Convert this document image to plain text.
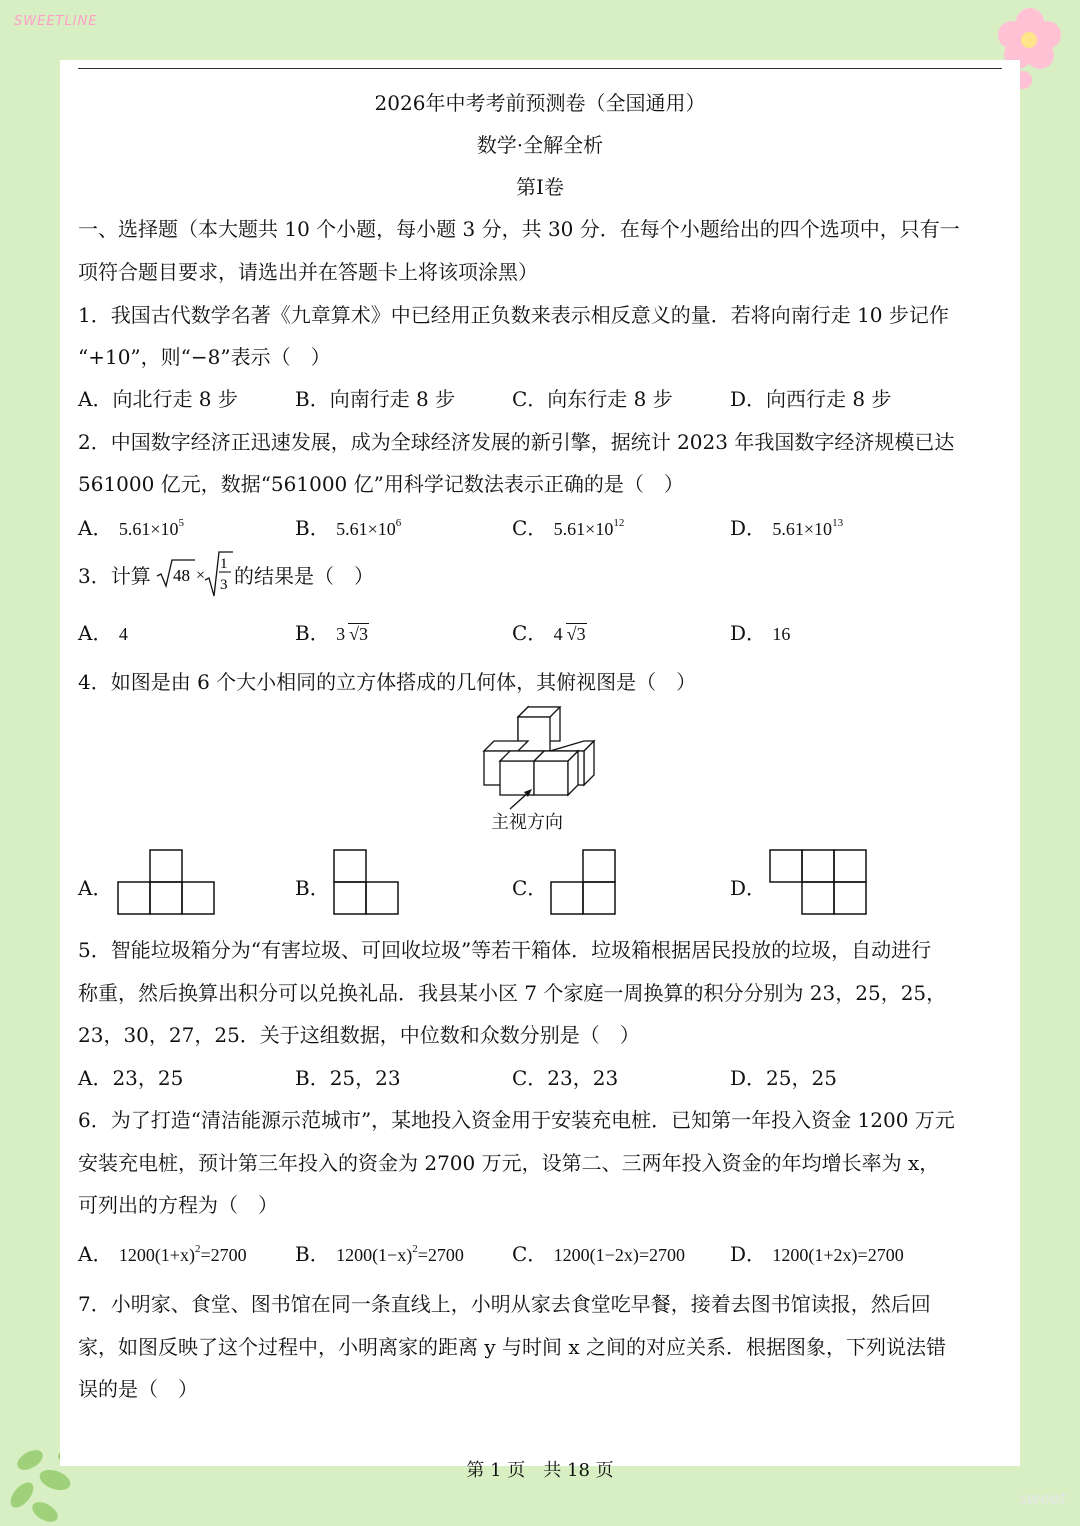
SWEETLINE
sweet
2026年中考考前预测卷（全国通用）
数学·全解全析
第Ⅰ卷
一、选择题（本大题共 10 个小题，每小题 3 分，共 30 分．在每个小题给出的四个选项中，只有一
项符合题目要求，请选出并在答题卡上将该项涂黑）
1．我国古代数学名著《九章算术》中已经用正负数来表示相反意义的量．若将向南行走 10 步记作
“+10”，则“−8”表示（　）
A．向北行走 8 步	B．向南行走 8 步	C．向东行走 8 步	D．向西行走 8 步
2．中国数字经济正迅速发展，成为全球经济发展的新引擎，据统计 2023 年我国数字经济规模已达
561000 亿元，数据“561000 亿”用科学记数法表示正确的是（　）
A． $5.61\times 10^5$	B． $5.61\times 10^6$	C． $5.61\times 10^{12}$	D． $5.61\times 10^{13}$
3．计算 48 ×
1
3 的结果是（　）
A． 4	B． 3 √3	C． 4 √3	D． 16
4．如图是由 6 个大小相同的立方体搭成的几何体，其俯视图是（　）
主视方向
A．	B．	C．	D．
5．智能垃圾箱分为“有害垃圾、可回收垃圾”等若干箱体．垃圾箱根据居民投放的垃圾，自动进行
称重，然后换算出积分可以兑换礼品．我县某小区 7 个家庭一周换算的积分分别为 23，25，25，
23，30，27，25．关于这组数据，中位数和众数分别是（　）
A．23，25	B．25，23	C．23，23	D．25，25
6．为了打造“清洁能源示范城市”，某地投入资金用于安装充电桩．已知第一年投入资金 1200 万元
安装充电桩，预计第三年投入的资金为 2700 万元，设第二、三两年投入资金的年均增长率为 x，
可列出的方程为（　）
A． $1200(1+x)^2=2700$ B． $1200(1-x)^2=2700$ C． 1200(1−2x)=2700 D． 1200(1+2x)=2700
7．小明家、食堂、图书馆在同一条直线上，小明从家去食堂吃早餐，接着去图书馆读报，然后回
家，如图反映了这个过程中，小明离家的距离 y 与时间 x 之间的对应关系．根据图象，下列说法错
误的是（　）
第 1 页　共 18 页
